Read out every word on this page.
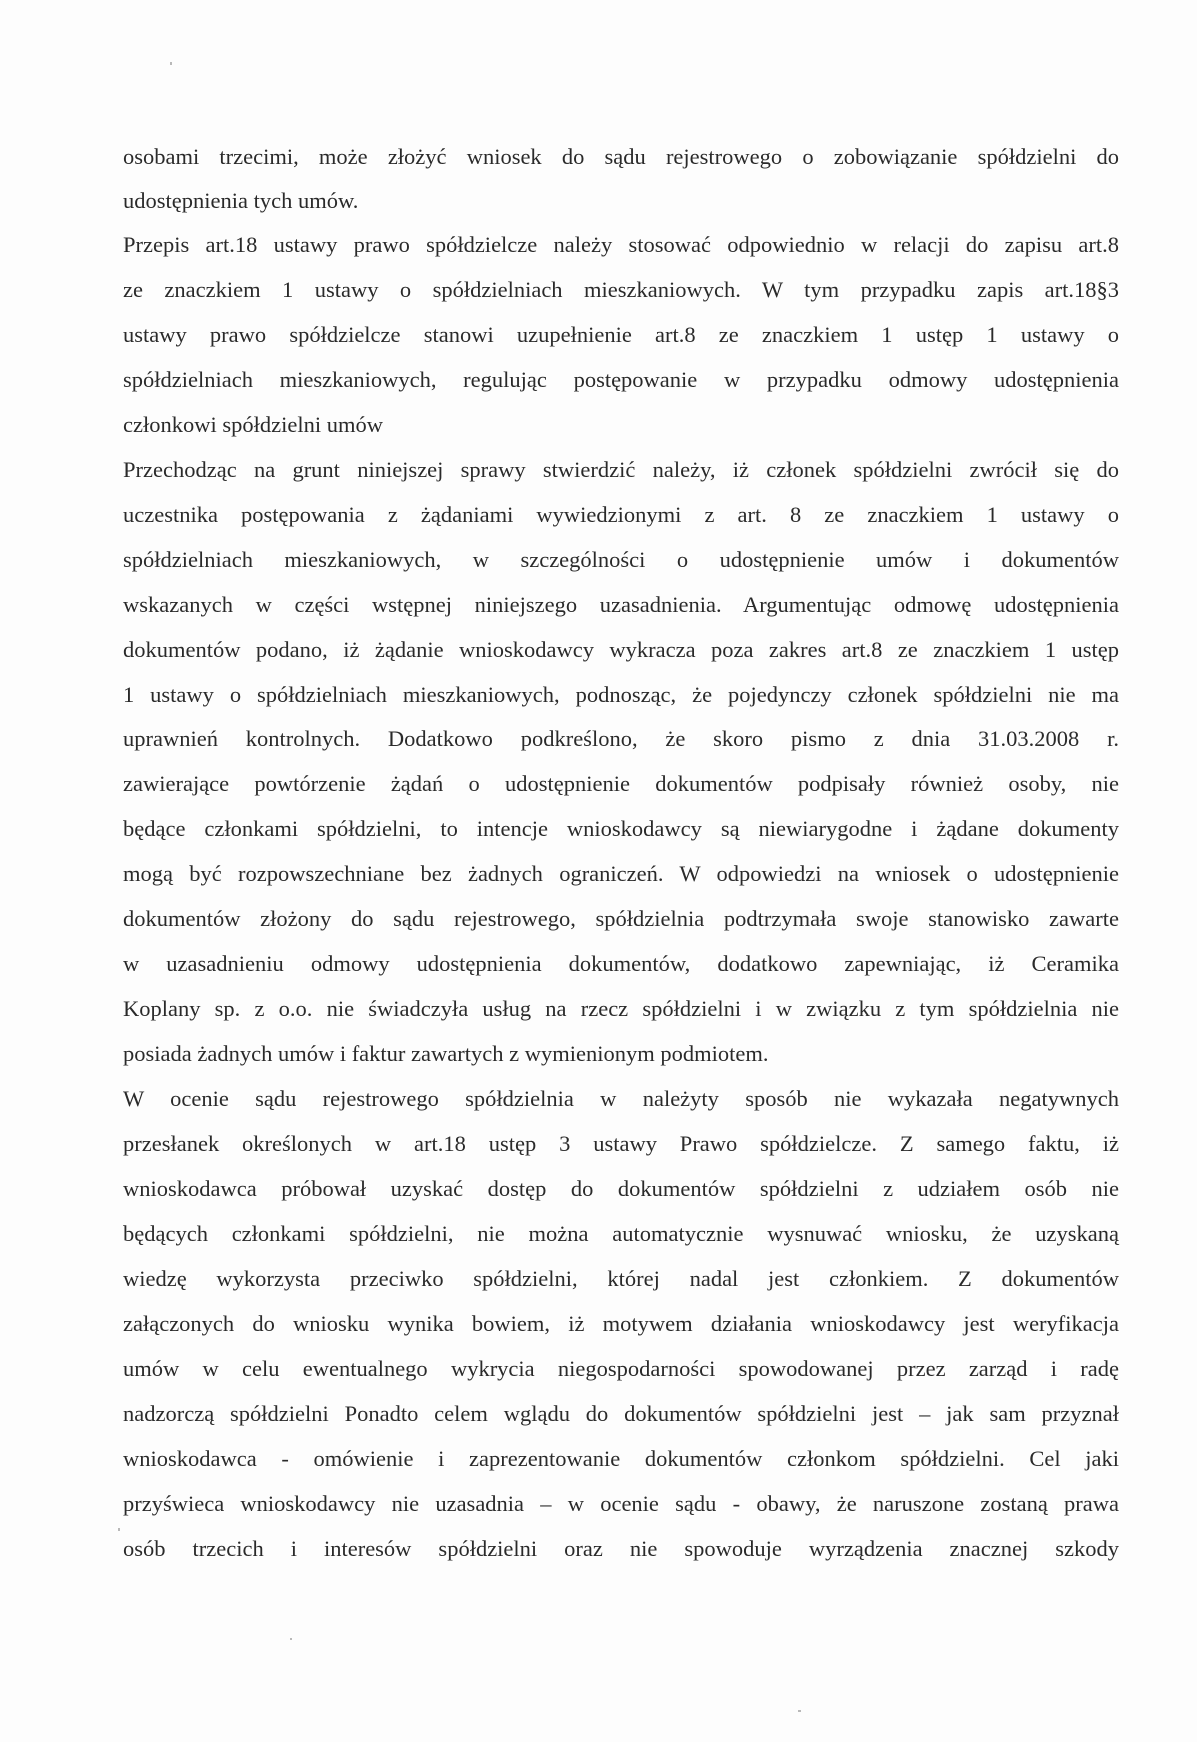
osobami trzecimi, może złożyć wniosek do sądu rejestrowego o zobowiązanie spółdzielni do
udostępnienia tych umów.
Przepis art.18 ustawy prawo spółdzielcze należy stosować odpowiednio w relacji do zapisu art.8
ze znaczkiem 1 ustawy o spółdzielniach mieszkaniowych. W tym przypadku zapis art.18§3
ustawy prawo spółdzielcze stanowi uzupełnienie art.8 ze znaczkiem 1 ustęp 1 ustawy o
spółdzielniach mieszkaniowych, regulując postępowanie w przypadku odmowy udostępnienia
członkowi spółdzielni umów
Przechodząc na grunt niniejszej sprawy stwierdzić należy, iż członek spółdzielni zwrócił się do
uczestnika postępowania z żądaniami wywiedzionymi z art. 8 ze znaczkiem 1 ustawy o
spółdzielniach mieszkaniowych, w szczególności o udostępnienie umów i dokumentów
wskazanych w części wstępnej niniejszego uzasadnienia. Argumentując odmowę udostępnienia
dokumentów podano, iż żądanie wnioskodawcy wykracza poza zakres art.8 ze znaczkiem 1 ustęp
1 ustawy o spółdzielniach mieszkaniowych, podnosząc, że pojedynczy członek spółdzielni nie ma
uprawnień kontrolnych. Dodatkowo podkreślono, że skoro pismo z dnia 31.03.2008 r.
zawierające powtórzenie żądań o udostępnienie dokumentów podpisały również osoby, nie
będące członkami spółdzielni, to intencje wnioskodawcy są niewiarygodne i żądane dokumenty
mogą być rozpowszechniane bez żadnych ograniczeń. W odpowiedzi na wniosek o udostępnienie
dokumentów złożony do sądu rejestrowego, spółdzielnia podtrzymała swoje stanowisko zawarte
w uzasadnieniu odmowy udostępnienia dokumentów, dodatkowo zapewniając, iż Ceramika
Koplany sp. z o.o. nie świadczyła usług na rzecz spółdzielni i w związku z tym spółdzielnia nie
posiada żadnych umów i faktur zawartych z wymienionym podmiotem.
W ocenie sądu rejestrowego spółdzielnia w należyty sposób nie wykazała negatywnych
przesłanek określonych w art.18 ustęp 3 ustawy Prawo spółdzielcze. Z samego faktu, iż
wnioskodawca próbował uzyskać dostęp do dokumentów spółdzielni z udziałem osób nie
będących członkami spółdzielni, nie można automatycznie wysnuwać wniosku, że uzyskaną
wiedzę wykorzysta przeciwko spółdzielni, której nadal jest członkiem. Z dokumentów
załączonych do wniosku wynika bowiem, iż motywem działania wnioskodawcy jest weryfikacja
umów w celu ewentualnego wykrycia niegospodarności spowodowanej przez zarząd i radę
nadzorczą spółdzielni Ponadto celem wglądu do dokumentów spółdzielni jest – jak sam przyznał
wnioskodawca - omówienie i zaprezentowanie dokumentów członkom spółdzielni. Cel jaki
przyświeca wnioskodawcy nie uzasadnia – w ocenie sądu - obawy, że naruszone zostaną prawa
osób trzecich i interesów spółdzielni oraz nie spowoduje wyrządzenia znacznej szkody
